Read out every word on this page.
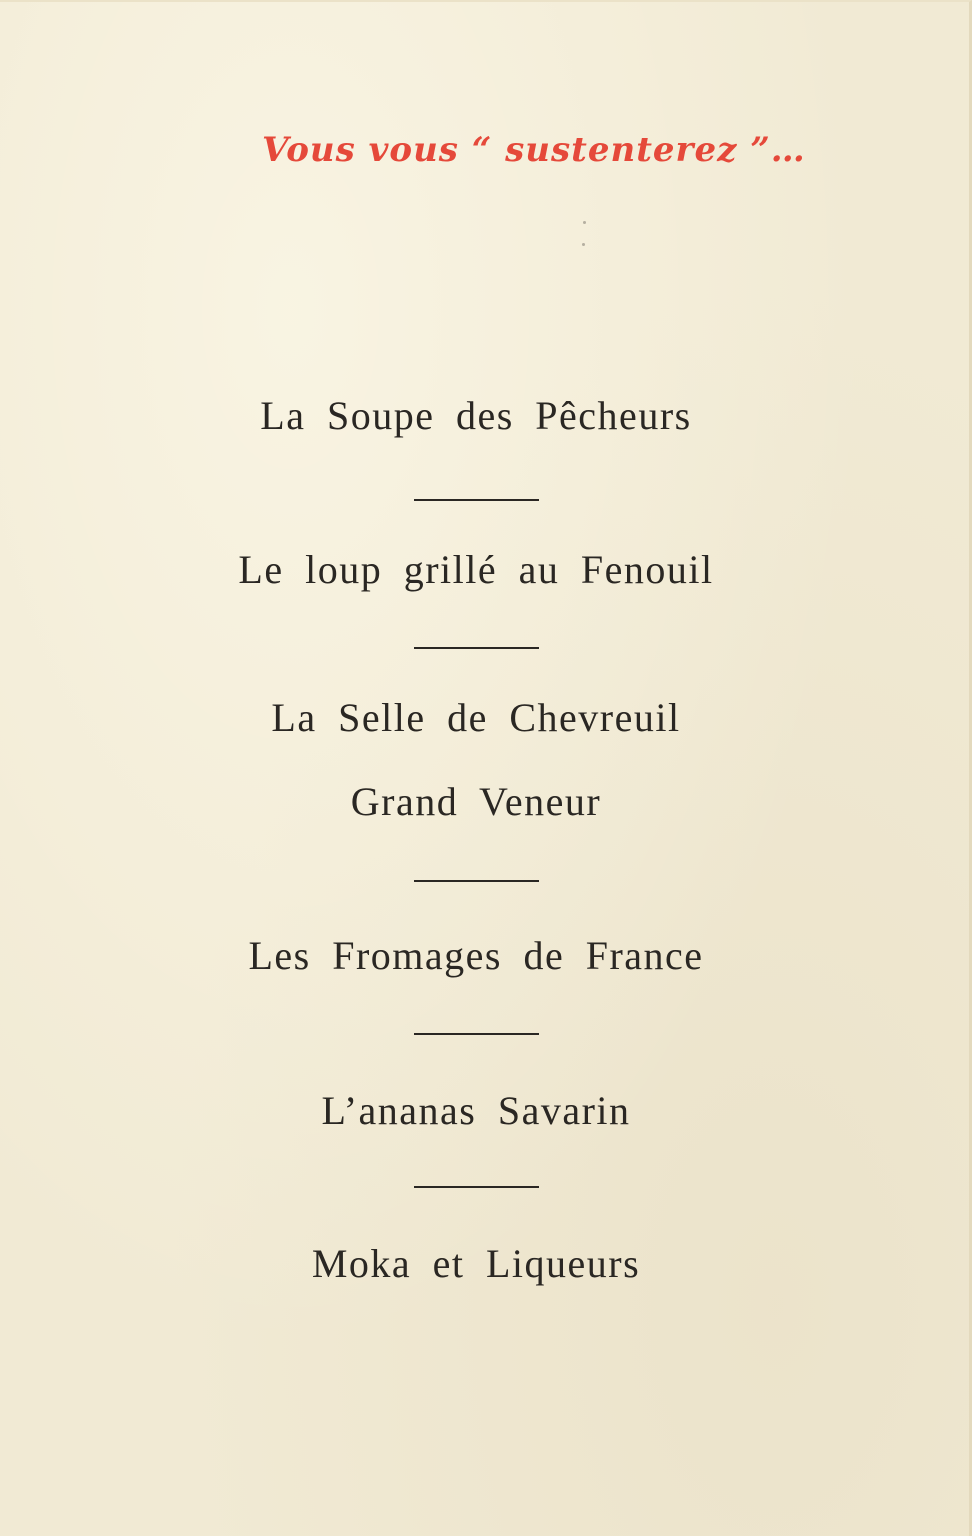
Vous vous “ sustenterez ”…

La Soupe des Pêcheurs

Le loup grillé au Fenouil

La Selle de Chevreuil

Grand Veneur

Les Fromages de France

L’ananas Savarin

Moka et Liqueurs
